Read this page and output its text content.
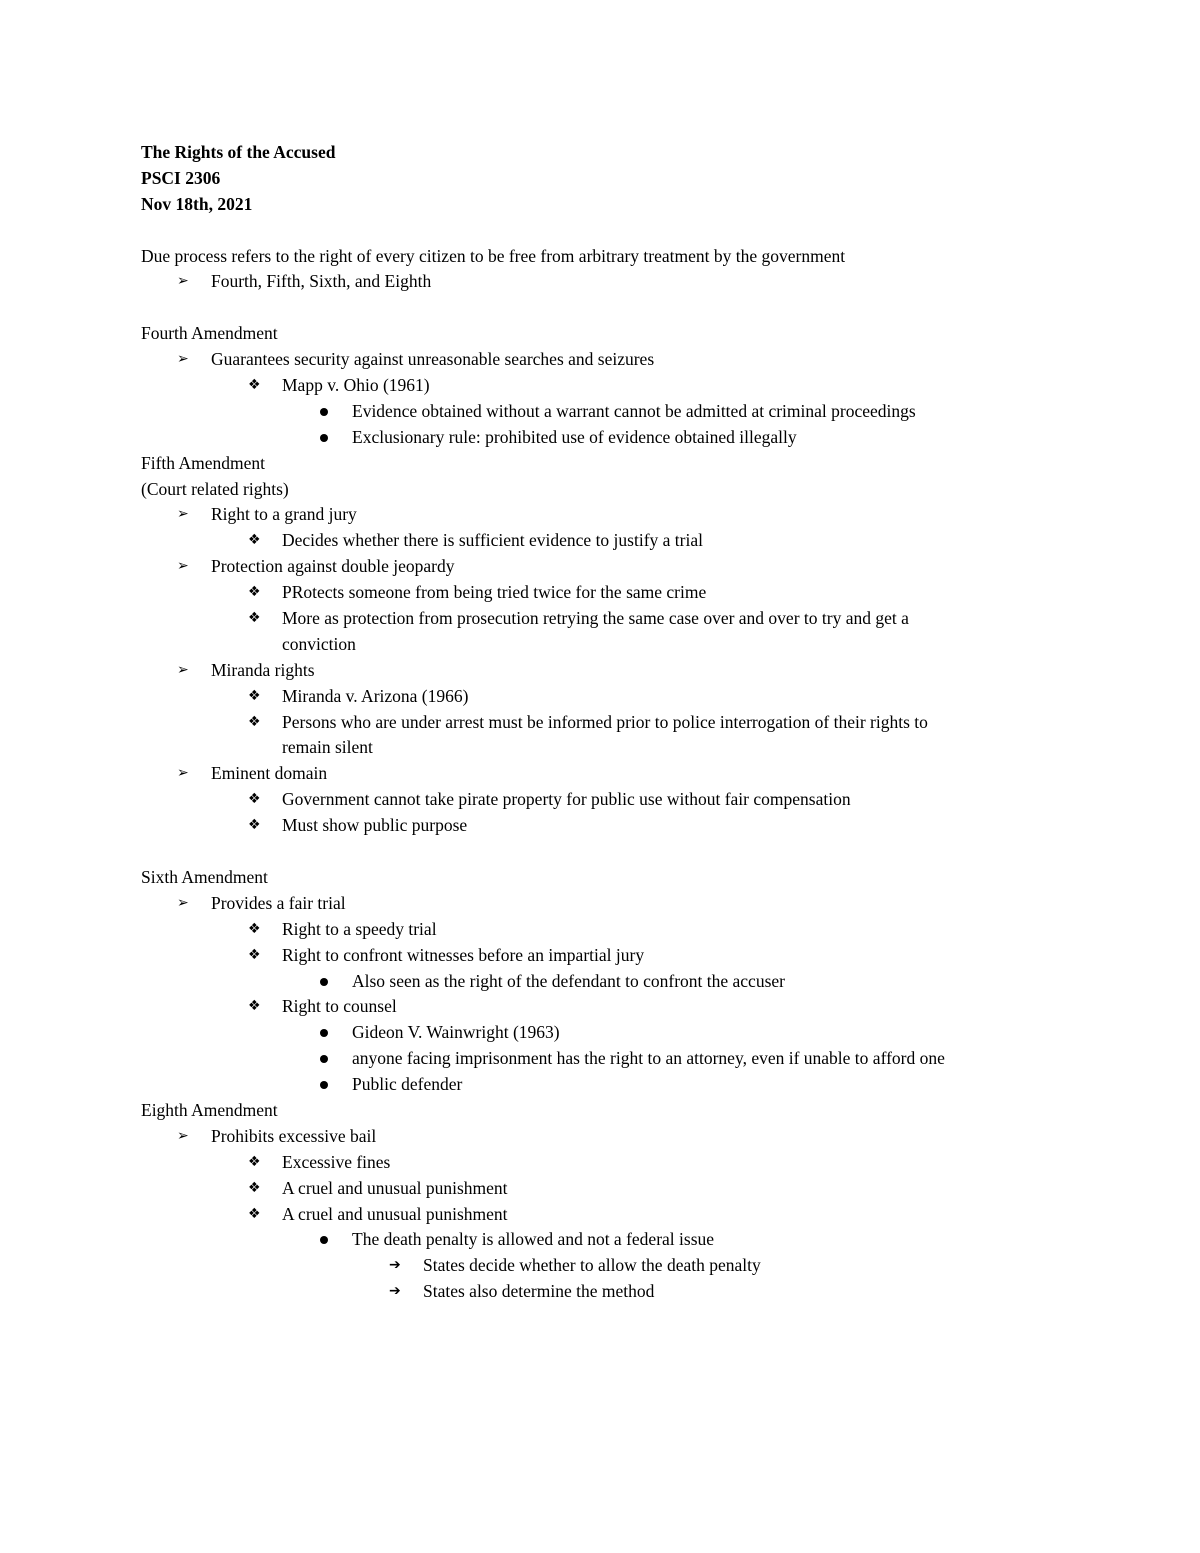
The Rights of the Accused
PSCI 2306
Nov 18th, 2021
Due process refers to the right of every citizen to be free from arbitrary treatment by the government
➢	Fourth, Fifth, Sixth, and Eighth
Fourth Amendment
➢	Guarantees security against unreasonable searches and seizures
❖	Mapp v. Ohio (1961)
Evidence obtained without a warrant cannot be admitted at criminal proceedings
Exclusionary rule: prohibited use of evidence obtained illegally
Fifth Amendment
(Court related rights)
➢	Right to a grand jury
❖	Decides whether there is sufficient evidence to justify a trial
➢	Protection against double jeopardy
❖	PRotects someone from being tried twice for the same crime
❖	More as protection from prosecution retrying the same case over and over to try and get a
conviction
➢	Miranda rights
❖	Miranda v. Arizona (1966)
❖	Persons who are under arrest must be informed prior to police interrogation of their rights to
remain silent
➢	Eminent domain
❖	Government cannot take pirate property for public use without fair compensation
❖	Must show public purpose
Sixth Amendment
➢	Provides a fair trial
❖	Right to a speedy trial
❖	Right to confront witnesses before an impartial jury
Also seen as the right of the defendant to confront the accuser
❖	Right to counsel
Gideon V. Wainwright (1963)
anyone facing imprisonment has the right to an attorney, even if unable to afford one
Public defender
Eighth Amendment
➢	Prohibits excessive bail
❖	Excessive fines
❖	A cruel and unusual punishment
❖	A cruel and unusual punishment
The death penalty is allowed and not a federal issue
➔	States decide whether to allow the death penalty
➔	States also determine the method
